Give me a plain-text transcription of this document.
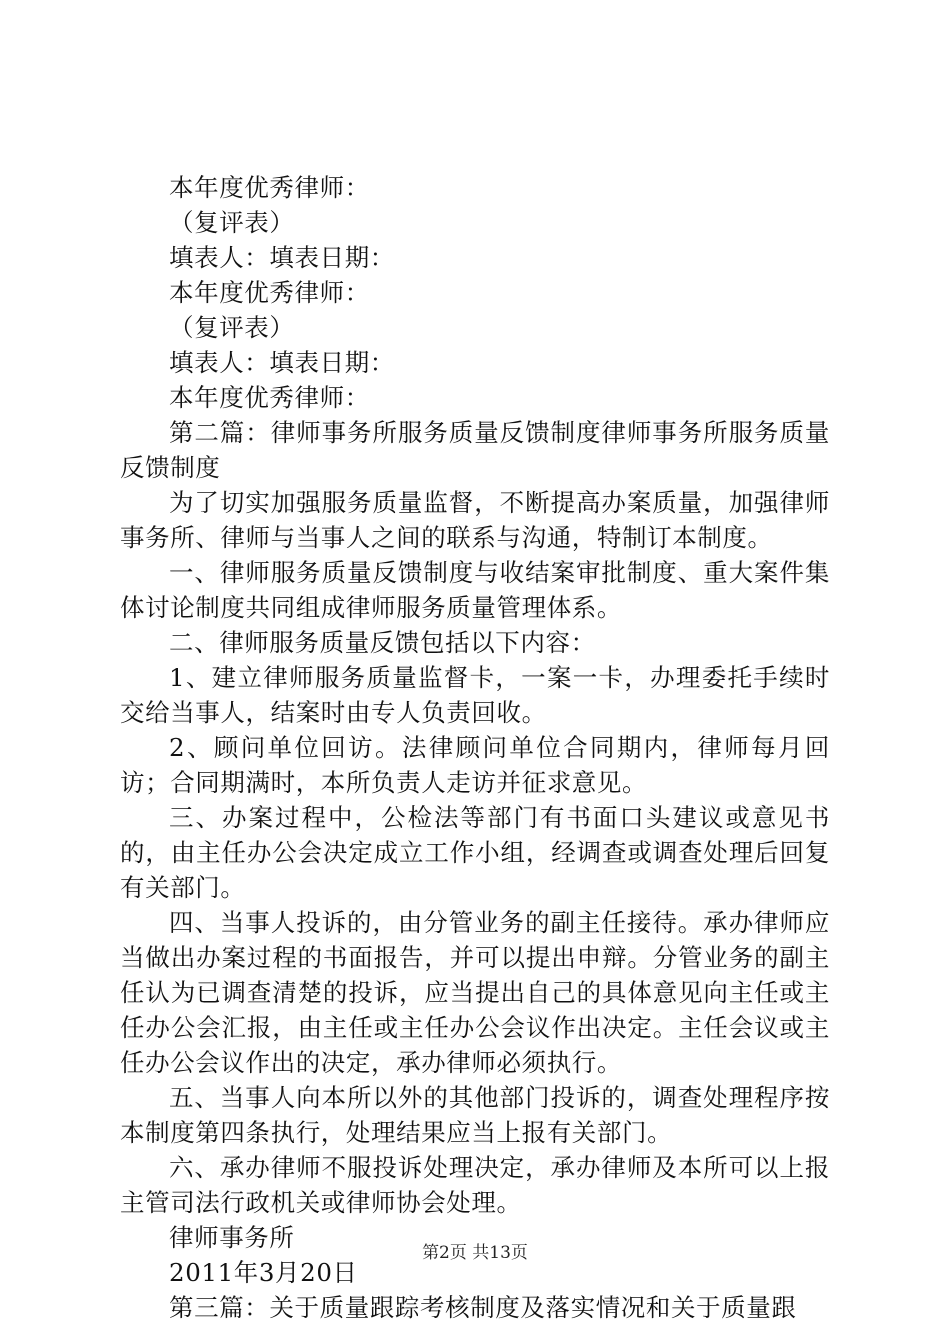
本年度优秀律师：

（复评表）

填表人：填表日期：

本年度优秀律师：

（复评表）

填表人：填表日期：

本年度优秀律师：

第二篇：律师事务所服务质量反馈制度律师事务所服务质量反馈制度

为了切实加强服务质量监督，不断提高办案质量，加强律师事务所、律师与当事人之间的联系与沟通，特制订本制度。

一、律师服务质量反馈制度与收结案审批制度、重大案件集体讨论制度共同组成律师服务质量管理体系。

二、律师服务质量反馈包括以下内容：

1、建立律师服务质量监督卡，一案一卡，办理委托手续时交给当事人，结案时由专人负责回收。

2、顾问单位回访。法律顾问单位合同期内，律师每月回访；合同期满时，本所负责人走访并征求意见。

三、办案过程中，公检法等部门有书面口头建议或意见书的，由主任办公会决定成立工作小组，经调查或调查处理后回复有关部门。

四、当事人投诉的，由分管业务的副主任接待。承办律师应当做出办案过程的书面报告，并可以提出申辩。分管业务的副主任认为已调查清楚的投诉，应当提出自己的具体意见向主任或主任办公会汇报，由主任或主任办公会议作出决定。主任会议或主任办公会议作出的决定，承办律师必须执行。

五、当事人向本所以外的其他部门投诉的，调查处理程序按本制度第四条执行，处理结果应当上报有关部门。

六、承办律师不服投诉处理决定，承办律师及本所可以上报主管司法行政机关或律师协会处理。

律师事务所

2011年3月20日

第三篇：关于质量跟踪考核制度及落实情况和关于质量跟

第2页 共13页
